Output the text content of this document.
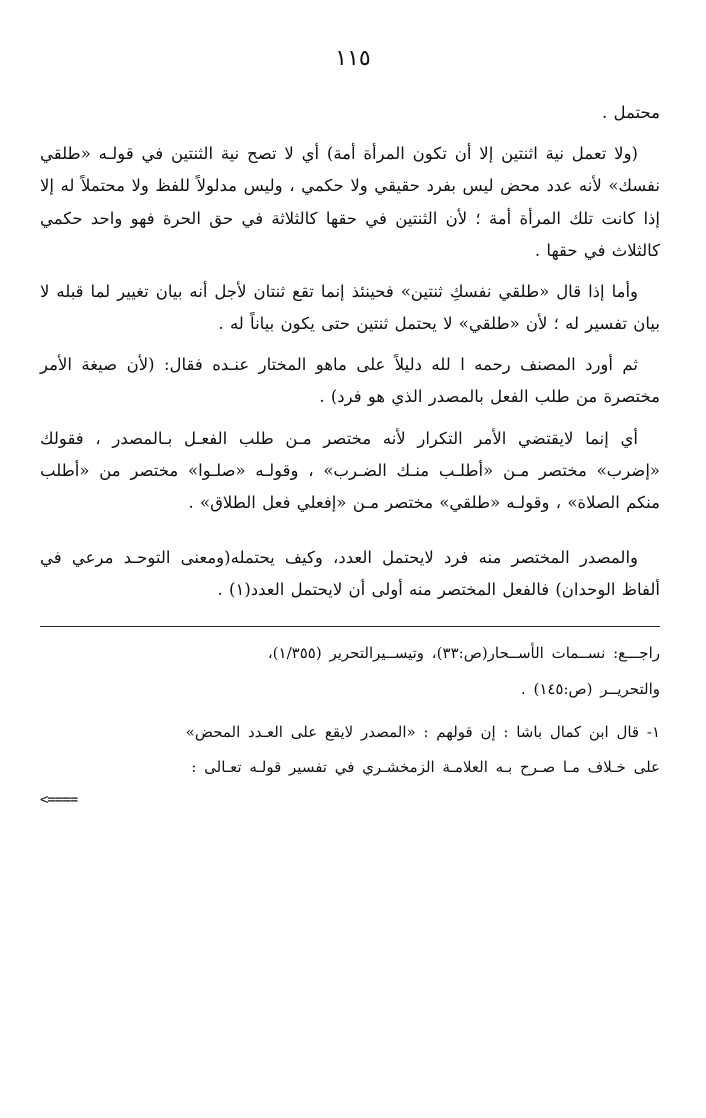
١١٥

محتمل .

(ولا تعمل نية اثنتين إلا أن تكون المرأة أمة) أي لا تصح نية الثنتين في قولـه «طلقي نفسك» لأنه عدد محض ليس بفرد حقيقي ولا حكمي ، وليس مدلولاً للفظ ولا محتملاً له إلا إذا كانت تلك المرأة أمة ؛ لأن الثنتين في حقها كالثلاثة في حق الحرة فهو واحد حكمي كالثلاث في حقها .

وأما إذا قال «طلقي نفسكِ ثنتين» فحينئذ إنما تقع ثنتان لأجل أنه بيان تغيير لما قبله لا بيان تفسير له ؛ لأن «طلقي» لا يحتمل ثنتين حتى يكون بياناً له .

ثم أورد المصنف رحمه ا لله دليلاً على ماهو المختار عنـده فقال: (لأن صيغة الأمر مختصرة من طلب الفعل بالمصدر الذي هو فرد) .

أي إنما لايقتضي الأمر التكرار لأنه مختصر مـن طلب الفعـل بـالمصدر ، فقولك «إضرب» مختصر مـن «أطلـب منـك الضـرب» ، وقولـه «صلـوا» مختصر من «أطلب منكم الصلاة» ، وقولـه «طلقي» مختصر مـن «إفعلي فعل الطلاق» .

والمصدر المختصر منه فرد لايحتمل العدد، وكيف يحتمله(ومعنى التوحـد مرعي في ألفاظ الوحدان) فالفعل المختصر منه أولى أن لايحتمل العدد(١) .

راجـــع: نســمات الأســحار(ص:٣٣)، وتيســيرالتحرير (١/٣٥٥)،

والتحريــر (ص:١٤٥) .

١- قال ابن كمال باشا : إن قولهم : «المصدر لايقع على العـدد المحض»

على خـلاف مـا صـرح بـه العلامـة الزمخشـري في تفسير قولـه تعـالى :

<====
